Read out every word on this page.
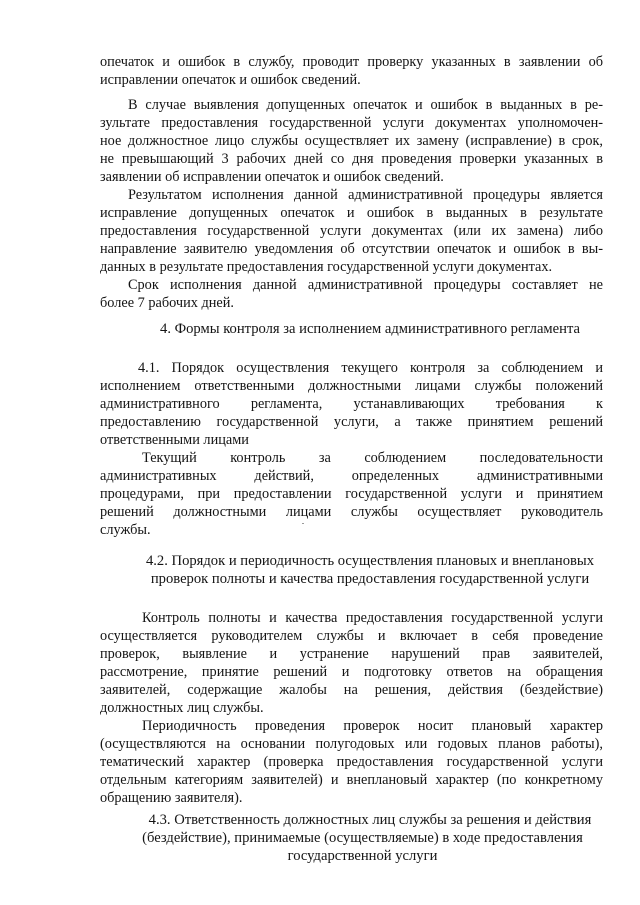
опечаток и ошибок в службу, проводит проверку указанных в заявлении об
исправлении опечаток и ошибок сведений.
В случае выявления допущенных опечаток и ошибок в выданных в ре-
зультате предоставления государственной услуги документах уполномочен-
ное должностное лицо службы осуществляет их замену (исправление) в срок,
не превышающий 3 рабочих дней со дня проведения проверки указанных в
заявлении об исправлении опечаток и ошибок сведений.
Результатом исполнения данной административной процедуры является
исправление допущенных опечаток и ошибок в выданных в результате
предоставления государственной услуги документах (или их замена) либо
направление заявителю уведомления об отсутствии опечаток и ошибок в вы-
данных в результате предоставления государственной услуги документах.
Срок исполнения данной административной процедуры составляет не
более 7 рабочих дней.
4. Формы контроля за исполнением административного регламента
4.1. Порядок осуществления текущего контроля за соблюдением и
исполнением ответственными должностными лицами службы положений
административного регламента, устанавливающих требования к
предоставлению государственной услуги, а также принятием решений
ответственными лицами
Текущий контроль за соблюдением последовательности
административных действий, определенных административными
процедурами, при предоставлении государственной услуги и принятием
решений должностными лицами службы осуществляет руководитель
службы.
4.2. Порядок и периодичность осуществления плановых и внеплановых
проверок полноты и качества предоставления государственной услуги
Контроль полноты и качества предоставления государственной услуги
осуществляется руководителем службы и включает в себя проведение
проверок, выявление и устранение нарушений прав заявителей,
рассмотрение, принятие решений и подготовку ответов на обращения
заявителей, содержащие жалобы на решения, действия (бездействие)
должностных лиц службы.
Периодичность проведения проверок носит плановый характер
(осуществляются на основании полугодовых или годовых планов работы),
тематический характер (проверка предоставления государственной услуги
отдельным категориям заявителей) и внеплановый характер (по конкретному
обращению заявителя).
4.3. Ответственность должностных лиц службы за решения и действия
(бездействие), принимаемые (осуществляемые) в ходе предоставления
государственной услуги
